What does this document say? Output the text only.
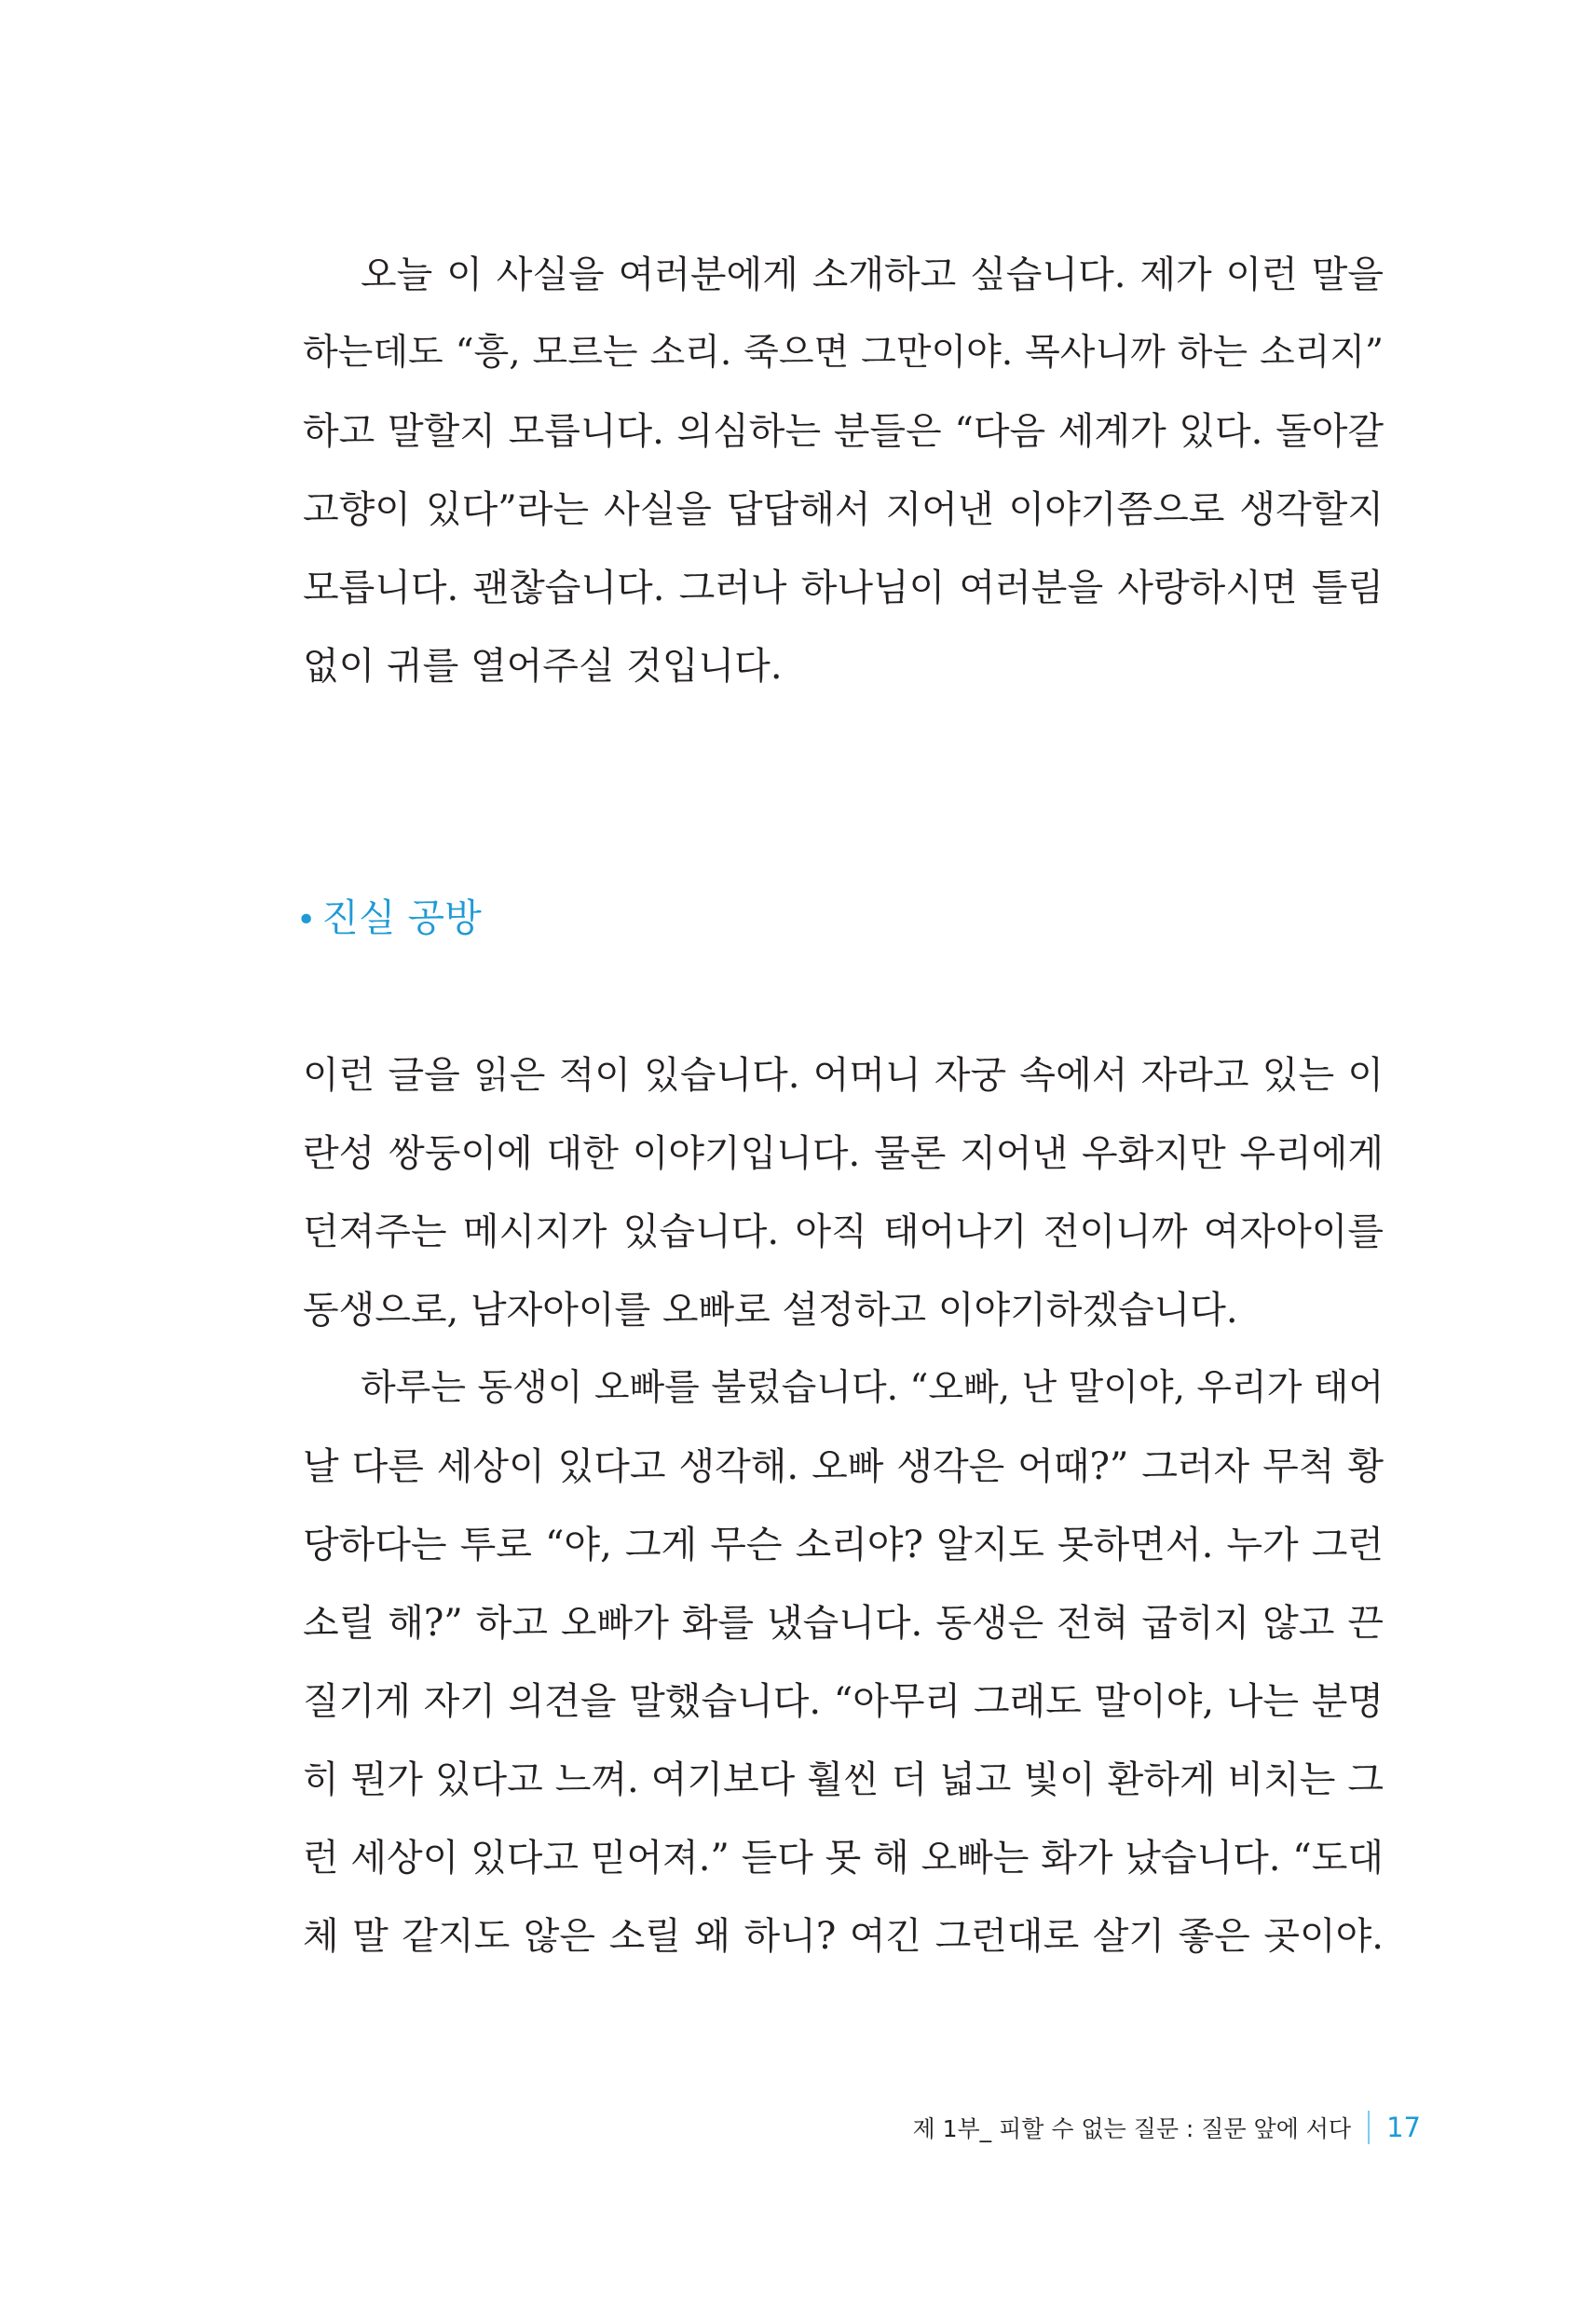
오늘 이 사실을 여러분에게 소개하고 싶습니다. 제가 이런 말을
하는데도 “흥, 모르는 소리. 죽으면 그만이야. 목사니까 하는 소리지”
하고 말할지 모릅니다. 의심하는 분들은 “다음 세계가 있다. 돌아갈
고향이 있다”라는 사실을 답답해서 지어낸 이야기쯤으로 생각할지
모릅니다. 괜찮습니다. 그러나 하나님이 여러분을 사랑하시면 틀림
없이 귀를 열어주실 것입니다.
• 진실 공방
이런 글을 읽은 적이 있습니다. 어머니 자궁 속에서 자라고 있는 이
란성 쌍둥이에 대한 이야기입니다. 물론 지어낸 우화지만 우리에게
던져주는 메시지가 있습니다. 아직 태어나기 전이니까 여자아이를
동생으로, 남자아이를 오빠로 설정하고 이야기하겠습니다.
하루는 동생이 오빠를 불렀습니다. “오빠, 난 말이야, 우리가 태어
날 다른 세상이 있다고 생각해. 오빠 생각은 어때?” 그러자 무척 황
당하다는 투로 “야, 그게 무슨 소리야? 알지도 못하면서. 누가 그런
소릴 해?” 하고 오빠가 화를 냈습니다. 동생은 전혀 굽히지 않고 끈
질기게 자기 의견을 말했습니다. “아무리 그래도 말이야, 나는 분명
히 뭔가 있다고 느껴. 여기보다 훨씬 더 넓고 빛이 환하게 비치는 그
런 세상이 있다고 믿어져.” 듣다 못 해 오빠는 화가 났습니다. “도대
체 말 같지도 않은 소릴 왜 하니? 여긴 그런대로 살기 좋은 곳이야.
제 1부_ 피할 수 없는 질문 : 질문 앞에 서다 17
